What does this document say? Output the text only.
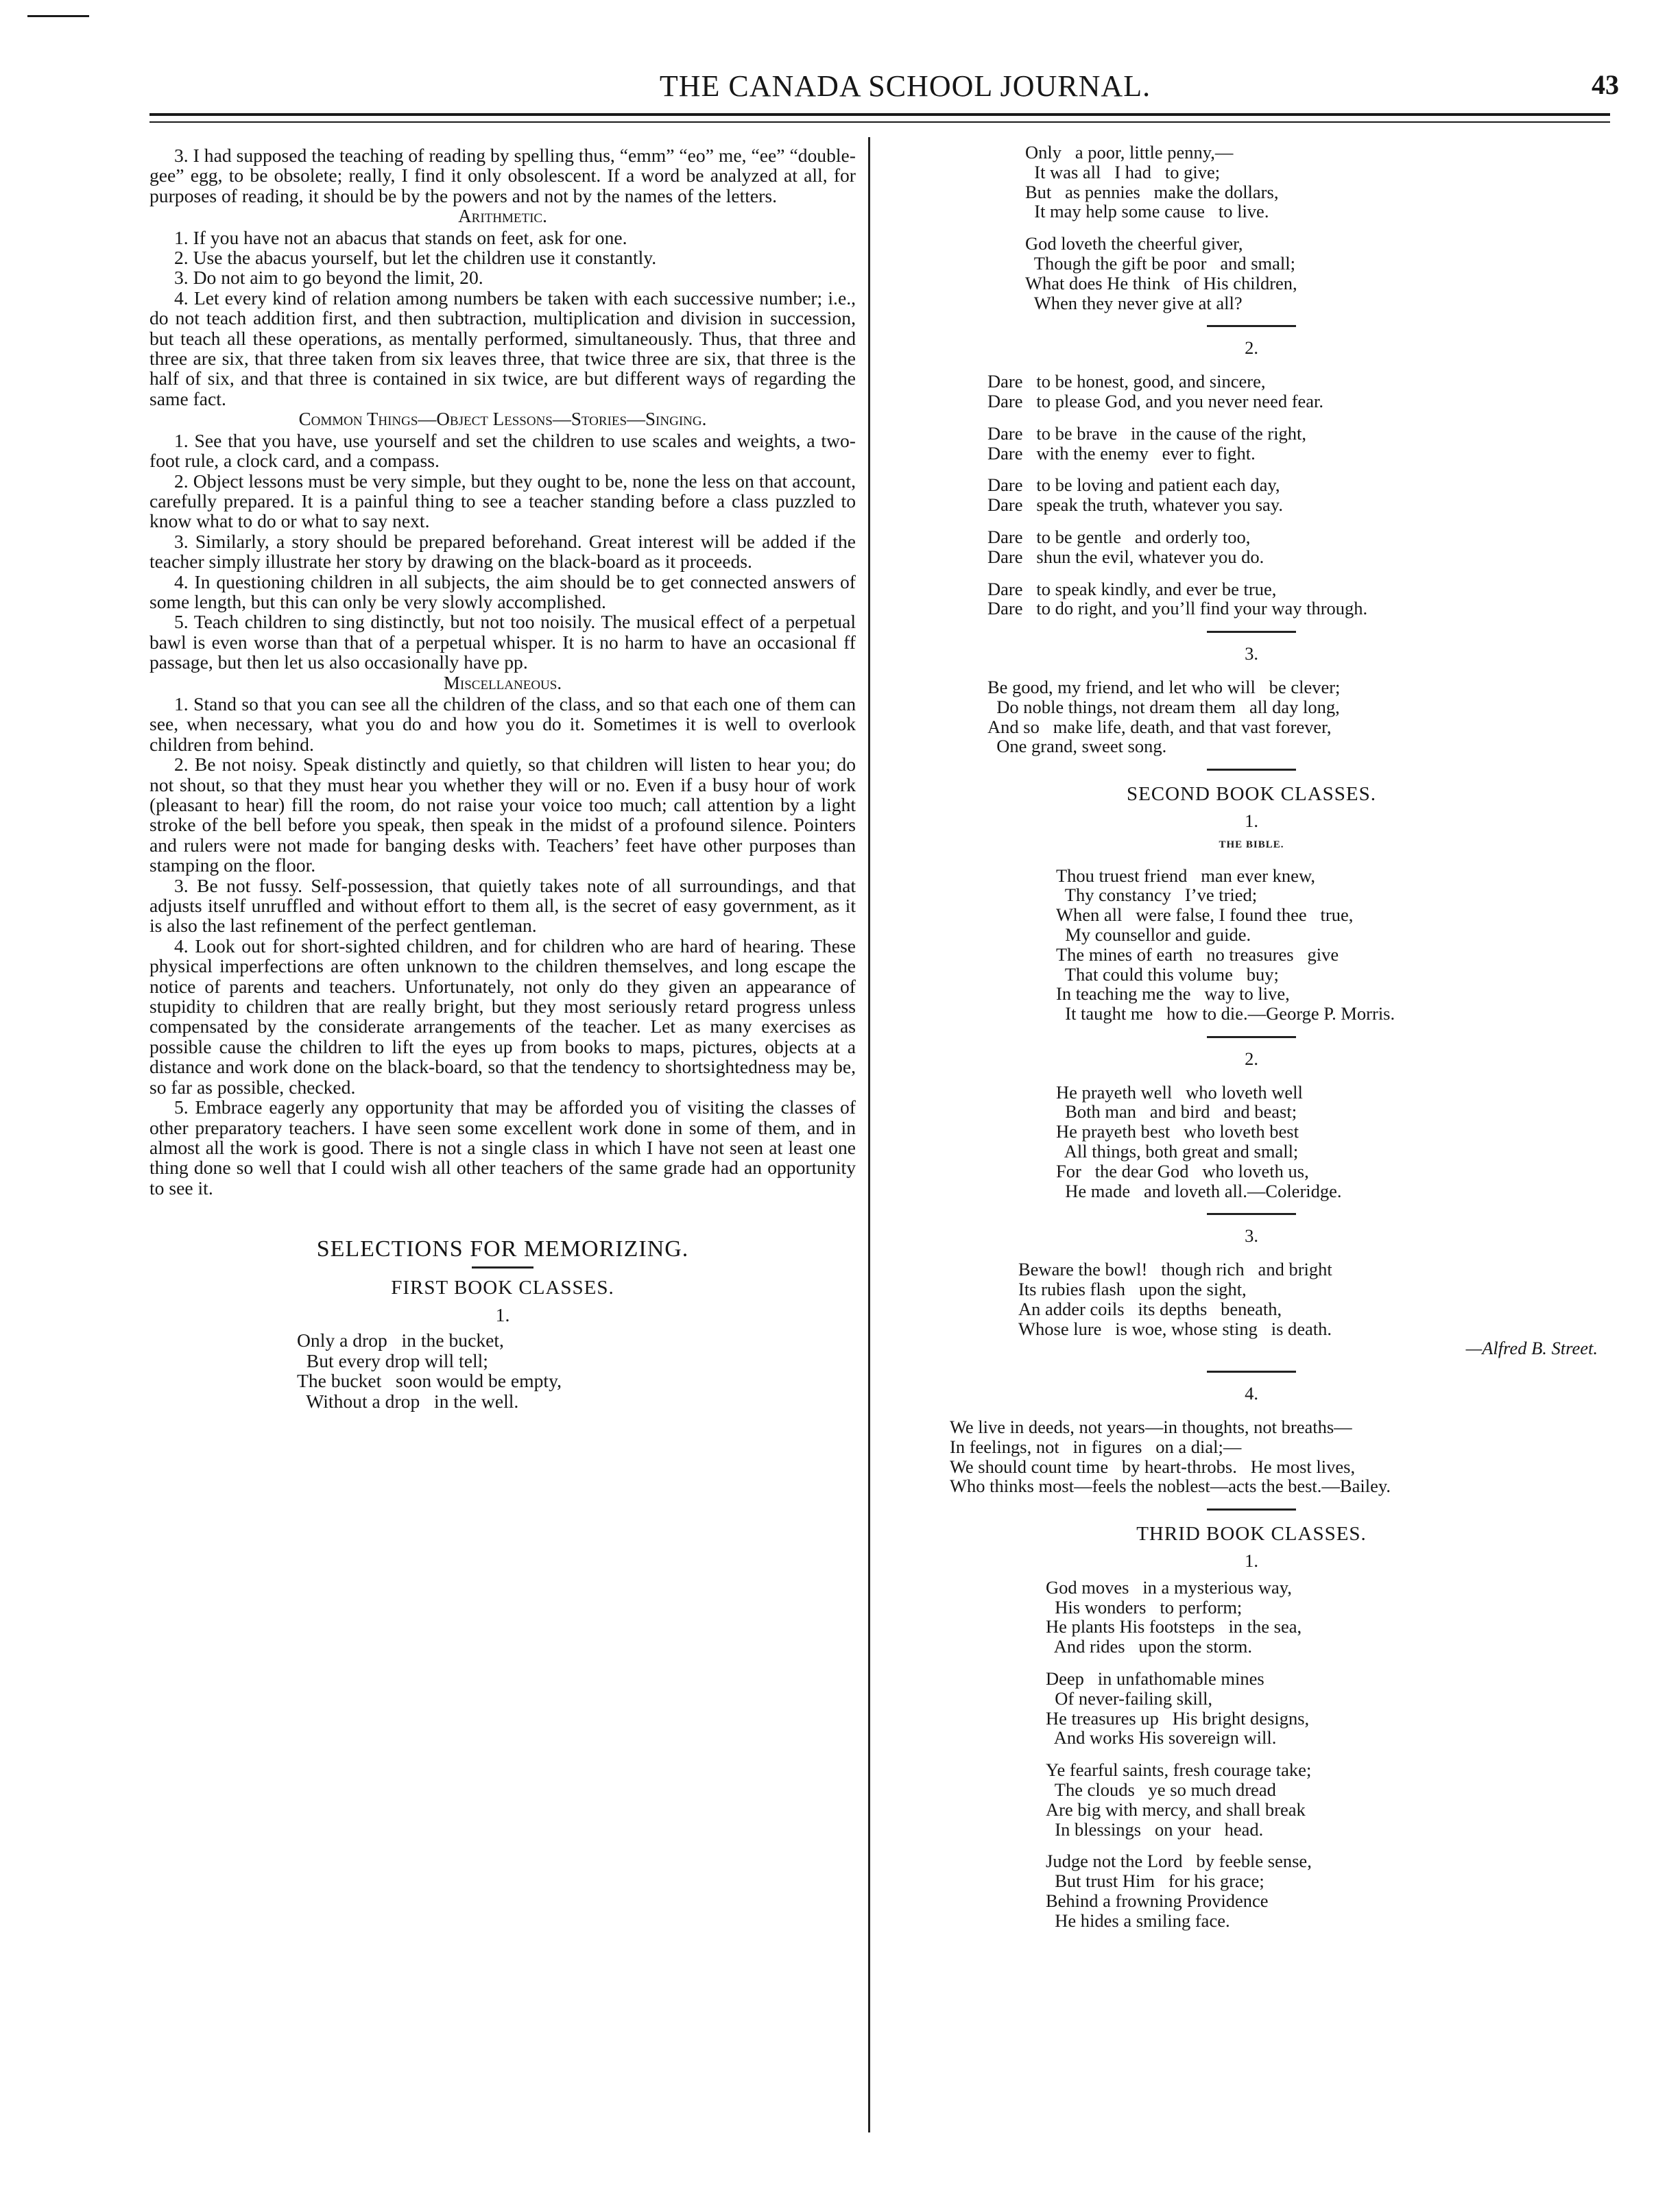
THE CANADA SCHOOL JOURNAL.	43

3. I had supposed the teaching of reading by spelling thus, “emm” “eo” me, “ee” “double-gee” egg, to be obsolete; really, I find it only obsolescent. If a word be analyzed at all, for purposes of reading, it should be by the powers and not by the names of the letters.

Arithmetic.

1. If you have not an abacus that stands on feet, ask for one.

2. Use the abacus yourself, but let the children use it constantly.

3. Do not aim to go beyond the limit, 20.

4. Let every kind of relation among numbers be taken with each successive number; i.e., do not teach addition first, and then subtraction, multiplication and division in succession, but teach all these operations, as mentally performed, simultaneously. Thus, that three and three are six, that three taken from six leaves three, that twice three are six, that three is the half of six, and that three is contained in six twice, are but different ways of regarding the same fact.

Common Things—Object Lessons—Stories—Singing.

1. See that you have, use yourself and set the children to use scales and weights, a two-foot rule, a clock card, and a compass.

2. Object lessons must be very simple, but they ought to be, none the less on that account, carefully prepared. It is a painful thing to see a teacher standing before a class puzzled to know what to do or what to say next.

3. Similarly, a story should be prepared beforehand. Great interest will be added if the teacher simply illustrate her story by drawing on the black-board as it proceeds.

4. In questioning children in all subjects, the aim should be to get connected answers of some length, but this can only be very slowly accomplished.

5. Teach children to sing distinctly, but not too noisily. The musical effect of a perpetual bawl is even worse than that of a perpetual whisper. It is no harm to have an occasional ff passage, but then let us also occasionally have pp.

Miscellaneous.

1. Stand so that you can see all the children of the class, and so that each one of them can see, when necessary, what you do and how you do it. Sometimes it is well to overlook children from behind.

2. Be not noisy. Speak distinctly and quietly, so that children will listen to hear you; do not shout, so that they must hear you whether they will or no. Even if a busy hour of work (pleasant to hear) fill the room, do not raise your voice too much; call attention by a light stroke of the bell before you speak, then speak in the midst of a profound silence. Pointers and rulers were not made for banging desks with. Teachers’ feet have other purposes than stamping on the floor.

3. Be not fussy. Self-possession, that quietly takes note of all surroundings, and that adjusts itself unruffled and without effort to them all, is the secret of easy government, as it is also the last refinement of the perfect gentleman.

4. Look out for short-sighted children, and for children who are hard of hearing. These physical imperfections are often unknown to the children themselves, and long escape the notice of parents and teachers. Unfortunately, not only do they given an appearance of stupidity to children that are really bright, but they most seriously retard progress unless compensated by the considerate arrangements of the teacher. Let as many exercises as possible cause the children to lift the eyes up from books to maps, pictures, objects at a distance and work done on the black-board, so that the tendency to shortsightedness may be, so far as possible, checked.

5. Embrace eagerly any opportunity that may be afforded you of visiting the classes of other preparatory teachers. I have seen some excellent work done in some of them, and in almost all the work is good. There is not a single class in which I have not seen at least one thing done so well that I could wish all other teachers of the same grade had an opportunity to see it.

SELECTIONS FOR MEMORIZING.
FIRST BOOK CLASSES.
1.
Only a drop   in the bucket,
But every drop will tell;
The bucket   soon would be empty,
Without a drop   in the well.
Only   a poor, little penny,—
It was all   I had   to give;
But   as pennies   make the dollars,
It may help some cause   to live.
God loveth the cheerful giver,
Though the gift be poor   and small;
What does He think   of His children,
When they never give at all?
2.
Dare   to be honest, good, and sincere,
Dare   to please God, and you never need fear.
Dare   to be brave   in the cause of the right,
Dare   with the enemy   ever to fight.
Dare   to be loving and patient each day,
Dare   speak the truth, whatever you say.
Dare   to be gentle   and orderly too,
Dare   shun the evil, whatever you do.
Dare   to speak kindly, and ever be true,
Dare   to do right, and you’ll find your way through.
3.
Be good, my friend, and let who will   be clever;
Do noble things, not dream them   all day long,
And so   make life, death, and that vast forever,
One grand, sweet song.
SECOND BOOK CLASSES.
1.
THE BIBLE.
Thou truest friend   man ever knew,
Thy constancy   I’ve tried;
When all   were false, I found thee   true,
My counsellor and guide.
The mines of earth   no treasures   give
That could this volume   buy;
In teaching me the   way to live,
It taught me   how to die.—George P. Morris.
2.
He prayeth well   who loveth well
Both man   and bird   and beast;
He prayeth best   who loveth best
All things, both great and small;
For   the dear God   who loveth us,
He made   and loveth all.—Coleridge.
3.
Beware the bowl!   though rich   and bright
Its rubies flash   upon the sight,
An adder coils   its depths   beneath,
Whose lure   is woe, whose sting   is death.
—Alfred B. Street.
4.
We live in deeds, not years—in thoughts, not breaths—
In feelings, not   in figures   on a dial;—
We should count time   by heart-throbs.   He most lives,
Who thinks most—feels the noblest—acts the best.—Bailey.
THRID BOOK CLASSES.
1.
God moves   in a mysterious way,
His wonders   to perform;
He plants His footsteps   in the sea,
And rides   upon the storm.
Deep   in unfathomable mines
Of never-failing skill,
He treasures up   His bright designs,
And works His sovereign will.
Ye fearful saints, fresh courage take;
The clouds   ye so much dread
Are big with mercy, and shall break
In blessings   on your   head.
Judge not the Lord   by feeble sense,
But trust Him   for his grace;
Behind a frowning Providence
He hides a smiling face.
